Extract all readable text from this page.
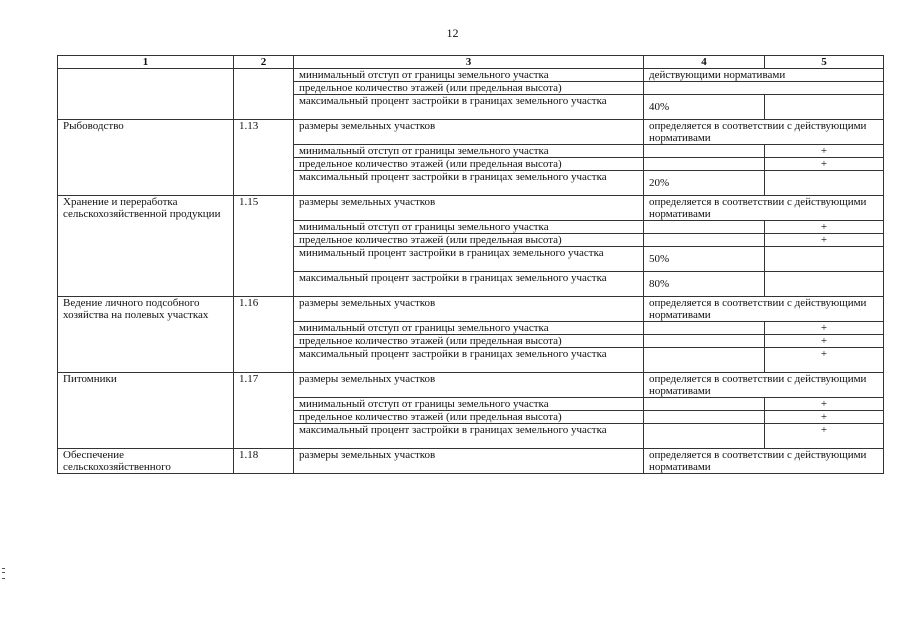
12
1	2	3	4	5
		минимальный отступ от границы земельного участка	действующими нормативами	
		предельное количество этажей (или предельная высота)		
		максимальный процент застройки в границах земельного участка	40%	
Рыбоводство	1.13	размеры земельных участков	определяется в соответствии с действующими нормативами	
		минимальный отступ от границы земельного участка		+
		предельное количество этажей (или предельная высота)		+
		максимальный процент застройки в границах земельного участка	20%	
Хранение и переработка сельскохозяйственной продукции	1.15	размеры земельных участков	определяется в соответствии с действующими нормативами	
		минимальный отступ от границы земельного участка		+
		предельное количество этажей (или предельная высота)		+
		минимальный процент застройки в границах земельного участка	50%	
		максимальный процент застройки в границах земельного участка	80%	
Ведение личного подсобного хозяйства на полевых участках	1.16	размеры земельных участков	определяется в соответствии с действующими нормативами	
		минимальный отступ от границы земельного участка		+
		предельное количество этажей (или предельная высота)		+
		максимальный процент застройки в границах земельного участка		+
Питомники	1.17	размеры земельных участков	определяется в соответствии с действующими нормативами	
		минимальный отступ от границы земельного участка		+
		предельное количество этажей (или предельная высота)		+
		максимальный процент застройки в границах земельного участка		+
Обеспечение сельскохозяйственного	1.18	размеры земельных участков	определяется в соответствии с действующими нормативами	
